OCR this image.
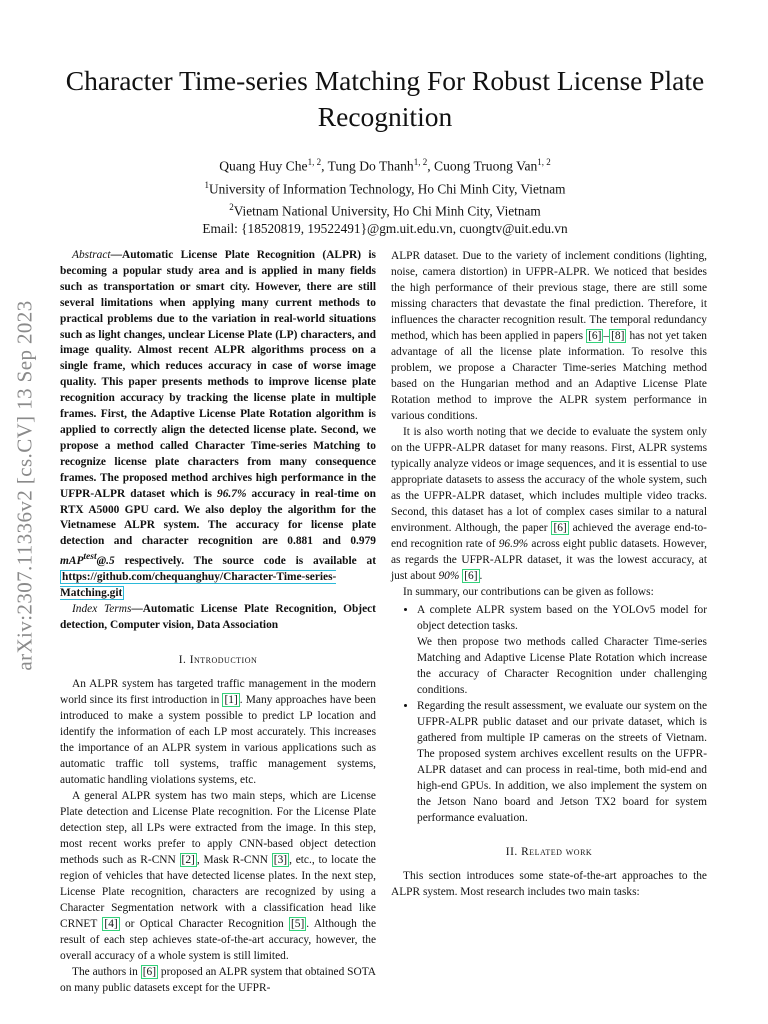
arXiv:2307.11336v2 [cs.CV] 13 Sep 2023
Character Time-series Matching For Robust License Plate Recognition
Quang Huy Che$^{1, 2}$, Tung Do Thanh$^{1, 2}$, Cuong Truong Van$^{1, 2}$
$^1$University of Information Technology, Ho Chi Minh City, Vietnam
$^2$Vietnam National University, Ho Chi Minh City, Vietnam
Email: {18520819, 19522491}@gm.uit.edu.vn, cuongtv@uit.edu.vn

Abstract—Automatic License Plate Recognition (ALPR) is becoming a popular study area and is applied in many fields such as transportation or smart city. However, there are still several limitations when applying many current methods to practical problems due to the variation in real-world situations such as light changes, unclear License Plate (LP) characters, and image quality. Almost recent ALPR algorithms process on a single frame, which reduces accuracy in case of worse image quality. This paper presents methods to improve license plate recognition accuracy by tracking the license plate in multiple frames. First, the Adaptive License Plate Rotation algorithm is applied to correctly align the detected license plate. Second, we propose a method called Character Time-series Matching to recognize license plate characters from many consequence frames. The proposed method archives high performance in the UFPR-ALPR dataset which is 96.7% accuracy in real-time on RTX A5000 GPU card. We also deploy the algorithm for the Vietnamese ALPR system. The accuracy for license plate detection and character recognition are 0.881 and 0.979 mAP$^{test}$@.5 respectively. The source code is available at https://github.com/chequanghuy/Character-Time-series-Matching.git

Index Terms—Automatic License Plate Recognition, Object detection, Computer vision, Data Association

I. Introduction

An ALPR system has targeted traffic management in the modern world since its first introduction in [1] . Many approaches have been introduced to make a system possible to predict LP location and identify the information of each LP most accurately. This increases the importance of an ALPR system in various applications such as automatic traffic toll systems, traffic management systems, automatic handling violations systems, etc.

A general ALPR system has two main steps, which are License Plate detection and License Plate recognition. For the License Plate detection step, all LPs were extracted from the image. In this step, most recent works prefer to apply CNN-based object detection methods such as R-CNN [2] , Mask R-CNN [3] , etc., to locate the region of vehicles that have detected license plates. In the next step, License Plate recognition, characters are recognized by using a Character Segmentation network with a classification head like CRNET [4] or Optical Character Recognition [5] . Although the result of each step achieves state-of-the-art accuracy, however, the overall accuracy of a whole system is still limited.

The authors in [6] proposed an ALPR system that obtained SOTA on many public datasets except for the UFPR-

ALPR dataset. Due to the variety of inclement conditions (lighting, noise, camera distortion) in UFPR-ALPR. We noticed that besides the high performance of their previous stage, there are still some missing characters that devastate the final prediction. Therefore, it influences the character recognition result. The temporal redundancy method, which has been applied in papers [6] – [8] has not yet taken advantage of all the license plate information. To resolve this problem, we propose a Character Time-series Matching method based on the Hungarian method and an Adaptive License Plate Rotation method to improve the ALPR system performance in various conditions.

It is also worth noting that we decide to evaluate the system only on the UFPR-ALPR dataset for many reasons. First, ALPR systems typically analyze videos or image sequences, and it is essential to use appropriate datasets to assess the accuracy of the whole system, such as the UFPR-ALPR dataset, which includes multiple video tracks. Second, this dataset has a lot of complex cases similar to a natural environment. Although, the paper [6] achieved the average end-to-end recognition rate of 96.9% across eight public datasets. However, as regards the UFPR-ALPR dataset, it was the lowest accuracy, at just about 90% [6] .

In summary, our contributions can be given as follows:

• A complete ALPR system based on the YOLOv5 model for object detection tasks.
We then propose two methods called Character Time-series Matching and Adaptive License Plate Rotation which increase the accuracy of Character Recognition under challenging conditions.
• Regarding the result assessment, we evaluate our system on the UFPR-ALPR public dataset and our private dataset, which is gathered from multiple IP cameras on the streets of Vietnam. The proposed system archives excellent results on the UFPR-ALPR dataset and can process in real-time, both mid-end and high-end GPUs. In addition, we also implement the system on the Jetson Nano board and Jetson TX2 board for system performance evaluation.
II. Related work

This section introduces some state-of-the-art approaches to the ALPR system. Most research includes two main tasks:
